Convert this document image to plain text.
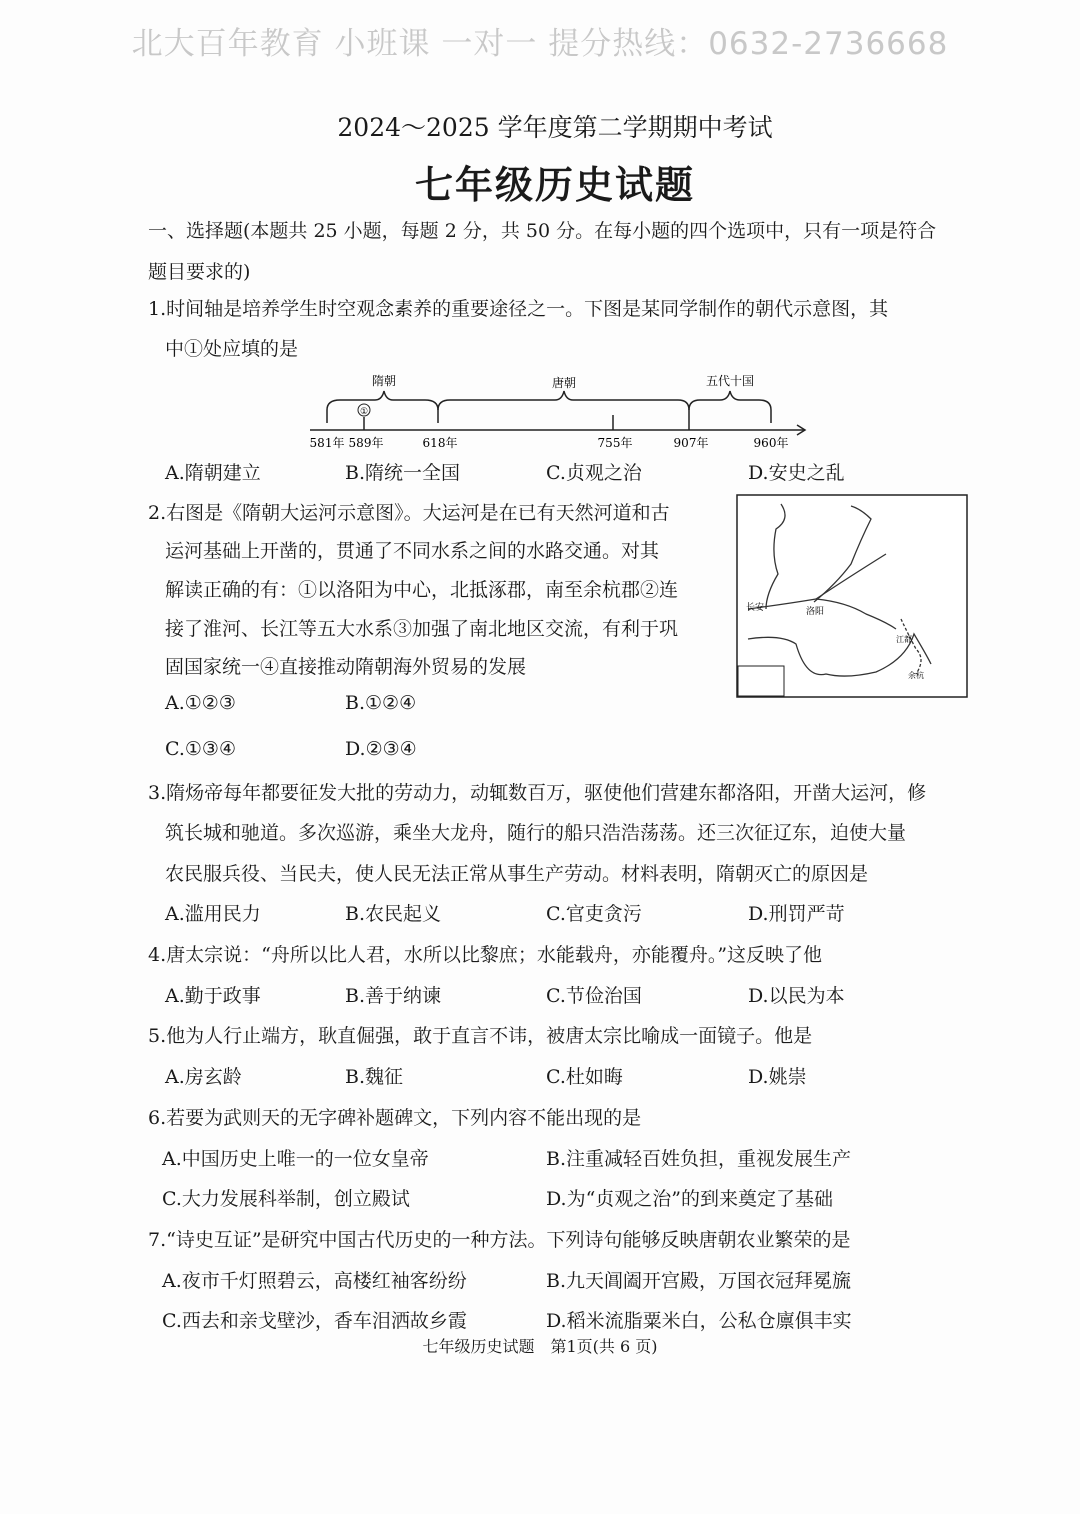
北大百年教育 小班课 一对一 提分热线：0632-2736668
2024～2025 学年度第二学期期中考试
七年级历史试题
一、选择题(本题共 25 小题，每题 2 分，共 50 分。在每小题的四个选项中，只有一项是符合
题目要求的)
1.时间轴是培养学生时空观念素养的重要途径之一。下图是某同学制作的朝代示意图，其
中①处应填的是
隋朝	唐朝	五代十国
①
581年 589年	618年	755年	907年	960年
A.隋朝建立	B.隋统一全国	C.贞观之治	D.安史之乱
2.右图是《隋朝大运河示意图》。大运河是在已有天然河道和古
运河基础上开凿的，贯通了不同水系之间的水路交通。对其
解读正确的有：①以洛阳为中心，北抵涿郡，南至余杭郡②连
接了淮河、长江等五大水系③加强了南北地区交流，有利于巩
固国家统一④直接推动隋朝海外贸易的发展
长安	洛阳
江都
余杭
A.①②③	B.①②④
C.①③④	D.②③④
3.隋炀帝每年都要征发大批的劳动力，动辄数百万，驱使他们营建东都洛阳，开凿大运河，修
筑长城和驰道。多次巡游，乘坐大龙舟，随行的船只浩浩荡荡。还三次征辽东，迫使大量
农民服兵役、当民夫，使人民无法正常从事生产劳动。材料表明，隋朝灭亡的原因是
A.滥用民力	B.农民起义	C.官吏贪污	D.刑罚严苛
4.唐太宗说：“舟所以比人君，水所以比黎庶；水能载舟，亦能覆舟。”这反映了他
A.勤于政事	B.善于纳谏	C.节俭治国	D.以民为本
5.他为人行止端方，耿直倔强，敢于直言不讳，被唐太宗比喻成一面镜子。他是
A.房玄龄	B.魏征	C.杜如晦	D.姚崇
6.若要为武则天的无字碑补题碑文，下列内容不能出现的是
A.中国历史上唯一的一位女皇帝	B.注重减轻百姓负担，重视发展生产
C.大力发展科举制，创立殿试	D.为“贞观之治”的到来奠定了基础
7.“诗史互证”是研究中国古代历史的一种方法。下列诗句能够反映唐朝农业繁荣的是
A.夜市千灯照碧云，高楼红袖客纷纷	B.九天阊阖开宫殿，万国衣冠拜冕旒
C.西去和亲戈壁沙，香车泪洒故乡霞	D.稻米流脂粟米白，公私仓廪俱丰实
七年级历史试题　第1页(共 6 页)
